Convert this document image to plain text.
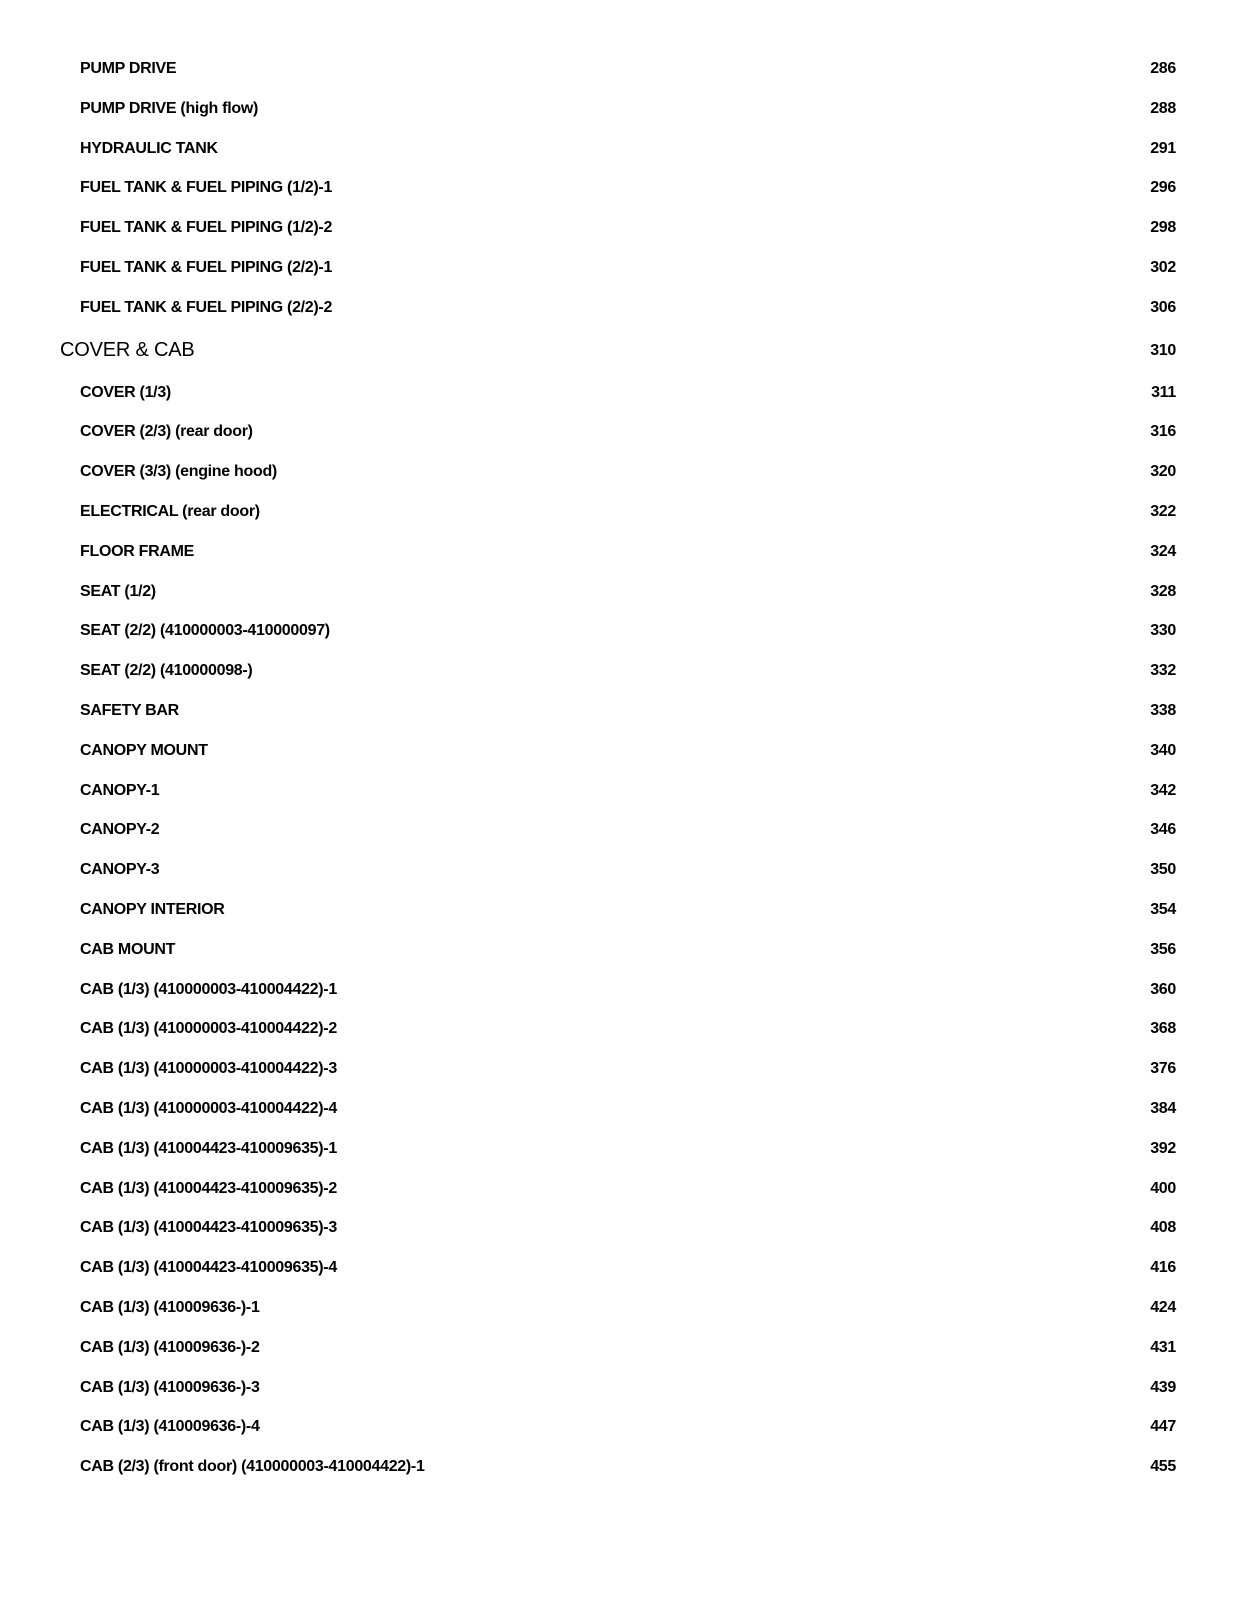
PUMP DRIVE	286
PUMP DRIVE (high flow)	288
HYDRAULIC TANK	291
FUEL TANK & FUEL PIPING (1/2)-1	296
FUEL TANK & FUEL PIPING (1/2)-2	298
FUEL TANK & FUEL PIPING (2/2)-1	302
FUEL TANK & FUEL PIPING (2/2)-2	306
COVER & CAB	310
COVER (1/3)	311
COVER (2/3) (rear door)	316
COVER (3/3) (engine hood)	320
ELECTRICAL (rear door)	322
FLOOR FRAME	324
SEAT (1/2)	328
SEAT (2/2) (410000003-410000097)	330
SEAT (2/2) (410000098-)	332
SAFETY BAR	338
CANOPY MOUNT	340
CANOPY-1	342
CANOPY-2	346
CANOPY-3	350
CANOPY INTERIOR	354
CAB MOUNT	356
CAB (1/3) (410000003-410004422)-1	360
CAB (1/3) (410000003-410004422)-2	368
CAB (1/3) (410000003-410004422)-3	376
CAB (1/3) (410000003-410004422)-4	384
CAB (1/3) (410004423-410009635)-1	392
CAB (1/3) (410004423-410009635)-2	400
CAB (1/3) (410004423-410009635)-3	408
CAB (1/3) (410004423-410009635)-4	416
CAB (1/3) (410009636-)-1	424
CAB (1/3) (410009636-)-2	431
CAB (1/3) (410009636-)-3	439
CAB (1/3) (410009636-)-4	447
CAB (2/3) (front door) (410000003-410004422)-1	455
